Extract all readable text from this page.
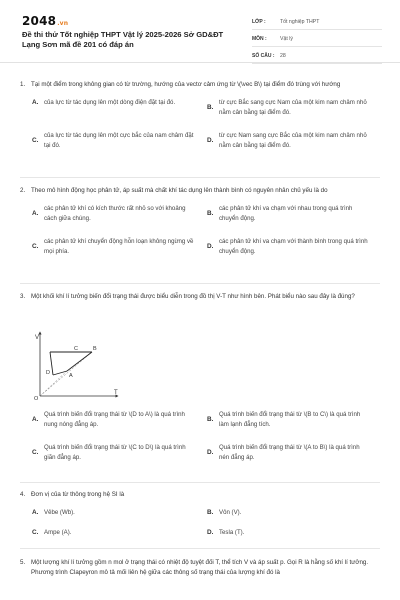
2048.vn
Đề thi thử Tốt nghiệp THPT Vật lý 2025-2026 Sở GD&ĐT Lạng Sơn mã đề 201 có đáp án
LỚP :	Tốt nghiệp THPT
MÔN :	Vật lý
SỐ CÂU :	28
1. Tại một điểm trong không gian có từ trường, hướng của vectơ cảm ứng từ \(\vec B\) tại điểm đó trùng với hướng
A. của lực từ tác dụng lên một dòng điện đặt tại đó.
B.
từ cực Bắc sang cực Nam của một kim nam châm nhỏ nằm cân bằng tại điểm đó.
C.
của lực từ tác dụng lên một cực bắc của nam châm đặt tại đó.
D.
từ cực Nam sang cực Bắc của một kim nam châm nhỏ nằm cân bằng tại điểm đó.
2. Theo mô hình động học phân tử, áp suất mà chất khí tác dụng lên thành bình có nguyên nhân chủ yếu là do
A.
các phân tử khí có kích thước rất nhỏ so với khoảng cách giữa chúng.
B.
các phân tử khí va chạm với nhau trong quá trình chuyển động.
C.
các phân tử khí chuyển động hỗn loạn không ngừng về mọi phía.
D.
các phân tử khí va chạm với thành bình trong quá trình chuyển động.
3. Một khối khí lí tưởng biến đổi trạng thái được biểu diễn trong đồ thị V-T như hình bên. Phát biểu nào sau đây là đúng?
V
T
O
A
B
C
D
A.
Quá trình biến đổi trạng thái từ \(D to A\) là quá trình nung nóng đẳng áp.
B.
Quá trình biến đổi trạng thái từ \(B to C\) là quá trình làm lạnh đẳng tích.
C.
Quá trình biến đổi trạng thái từ \(C to D\) là quá trình giãn đẳng áp.
D.
Quá trình biến đổi trạng thái từ \(A to B\) là quá trình nén đẳng áp.
4. Đơn vị của từ thông trong hệ SI là
A. Vêbe (Wb).	B. Vôn (V).
C. Ampe (A).	D. Tesla (T).
5. Một lượng khí lí tưởng gồm n mol ở trạng thái có nhiệt độ tuyệt đối T, thể tích V và áp suất p. Gọi R là hằng số khí lí tưởng. Phương trình Clapeyron mô tả mối liên hệ giữa các thông số trạng thái của lượng khí đó là
